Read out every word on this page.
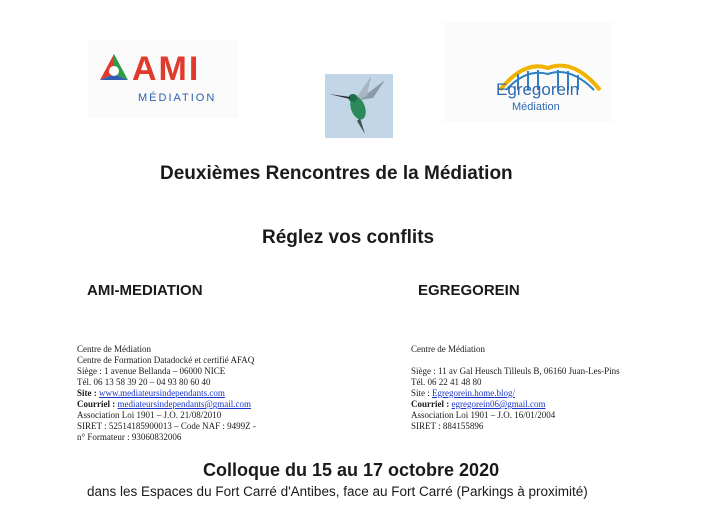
AMI
MÉDIATION	Egregorein
Médiation
Deuxièmes Rencontres de la Médiation
Réglez vos conflits
AMI-MEDIATION	EGREGOREIN
Centre de Médiation
Centre de Formation Datadocké et certifié AFAQ
Siège : 1 avenue Bellanda – 06000 NICE
Tél. 06 13 58 39 20 – 04 93 80 60 40
Site : www.mediateursindependants.com
Courriel : mediateursindependants@gmail.com
Association Loi 1901 – J.O. 21/08/2010
SIRET : 52514185900013 – Code NAF : 9499Z -
n° Formateur : 93060832006
Centre de Médiation
Siège : 11 av Gal Heusch Tilleuls B, 06160 Juan-Les-Pins
Tél. 06 22 41 48 80
Site : Egregorein.home.blog/
Courriel : egregorein06@gmail.com
Association Loi 1901 – J.O. 16/01/2004
SIRET : 884155896
Colloque du 15 au 17 octobre 2020
dans les Espaces du Fort Carré d'Antibes, face au Fort Carré (Parkings à proximité)
